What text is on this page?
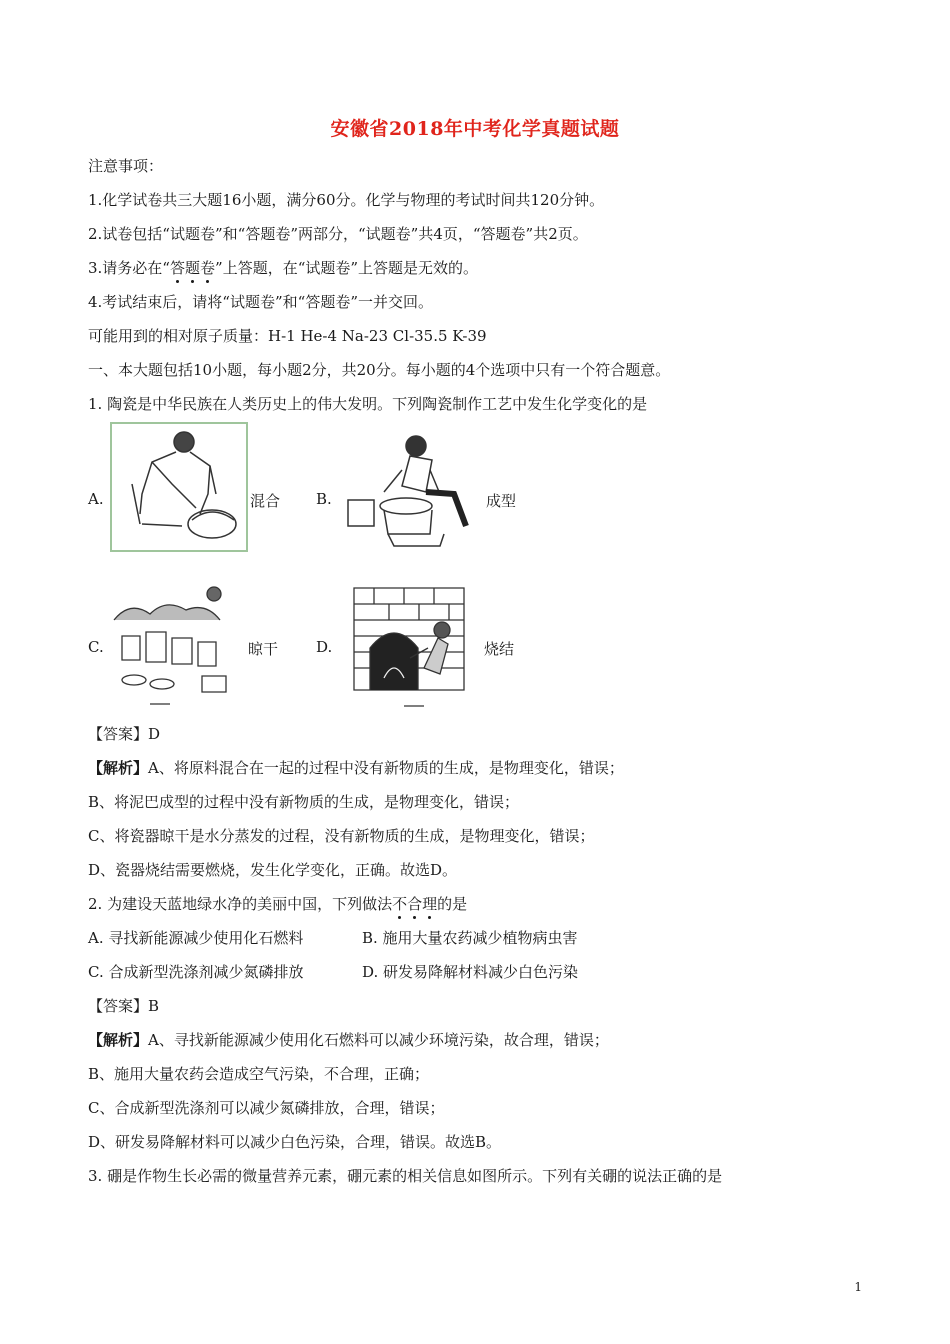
安徽省2018年中考化学真题试题
注意事项：
1.化学试卷共三大题16小题，满分60分。化学与物理的考试时间共120分钟。
2.试卷包括“试题卷”和“答题卷”两部分，“试题卷”共4页，“答题卷”共2页。
3.请务必在“答题卷”上答题，在“试题卷”上答题是无效的。
4.考试结束后，请将“试题卷”和“答题卷”一并交回。
可能用到的相对原子质量：H-1 He-4 Na-23 Cl-35.5 K-39
一、本大题包括10小题，每小题2分，共20分。每小题的4个选项中只有一个符合题意。
1. 陶瓷是中华民族在人类历史上的伟大发明。下列陶瓷制作工艺中发生化学变化的是
A.	混合 B.	成型
C.	晾干	D.	烧结
【答案】D
【解析】A、将原料混合在一起的过程中没有新物质的生成，是物理变化，错误；
B、将泥巴成型的过程中没有新物质的生成，是物理变化，错误；
C、将瓷器晾干是水分蒸发的过程，没有新物质的生成，是物理变化，错误；
D、瓷器烧结需要燃烧，发生化学变化，正确。故选D。
2. 为建设天蓝地绿水净的美丽中国，下列做法不合理的是
A. 寻找新能源减少使用化石燃料	B. 施用大量农药减少植物病虫害
C. 合成新型洗涤剂减少氮磷排放	D. 研发易降解材料减少白色污染
【答案】B
【解析】A、寻找新能源减少使用化石燃料可以减少环境污染，故合理，错误；
B、施用大量农药会造成空气污染，不合理，正确；
C、合成新型洗涤剂可以减少氮磷排放，合理，错误；
D、研发易降解材料可以减少白色污染，合理，错误。故选B。
3. 硼是作物生长必需的微量营养元素，硼元素的相关信息如图所示。下列有关硼的说法正确的是
1
